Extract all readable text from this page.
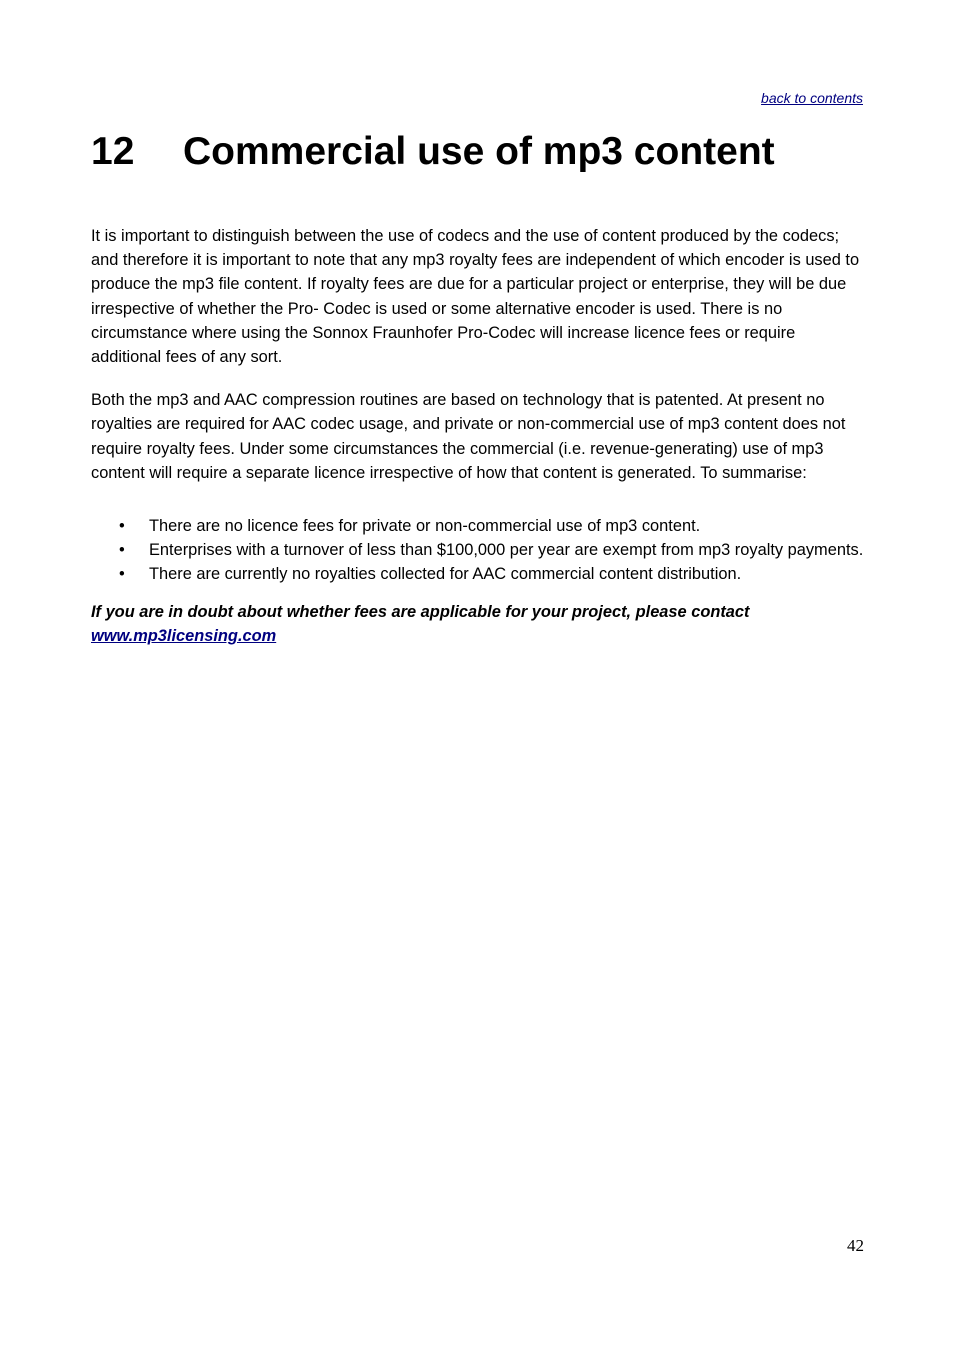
back to contents
12 Commercial use of mp3 content

It is important to distinguish between the use of codecs and the use of content produced by the codecs; and therefore it is important to note that any mp3 royalty fees are independent of which encoder is used to produce the mp3 file content. If royalty fees are due for a particular project or enterprise, they will be due irrespective of whether the Pro- Codec is used or some alternative encoder is used. There is no circumstance where using the Sonnox Fraunhofer Pro-Codec will increase licence fees or require additional fees of any sort.

Both the mp3 and AAC compression routines are based on technology that is patented. At present no royalties are required for AAC codec usage, and private or non-commercial use of mp3 content does not require royalty fees. Under some circumstances the commercial (i.e. revenue-generating) use of mp3 content will require a separate licence irrespective of how that content is generated. To summarise:

• There are no licence fees for private or non-commercial use of mp3 content.
• Enterprises with a turnover of less than $100,000 per year are exempt from mp3 royalty payments.
• There are currently no royalties collected for AAC commercial content distribution.

If you are in doubt about whether fees are applicable for your project, please contact
www.mp3licensing.com

42
